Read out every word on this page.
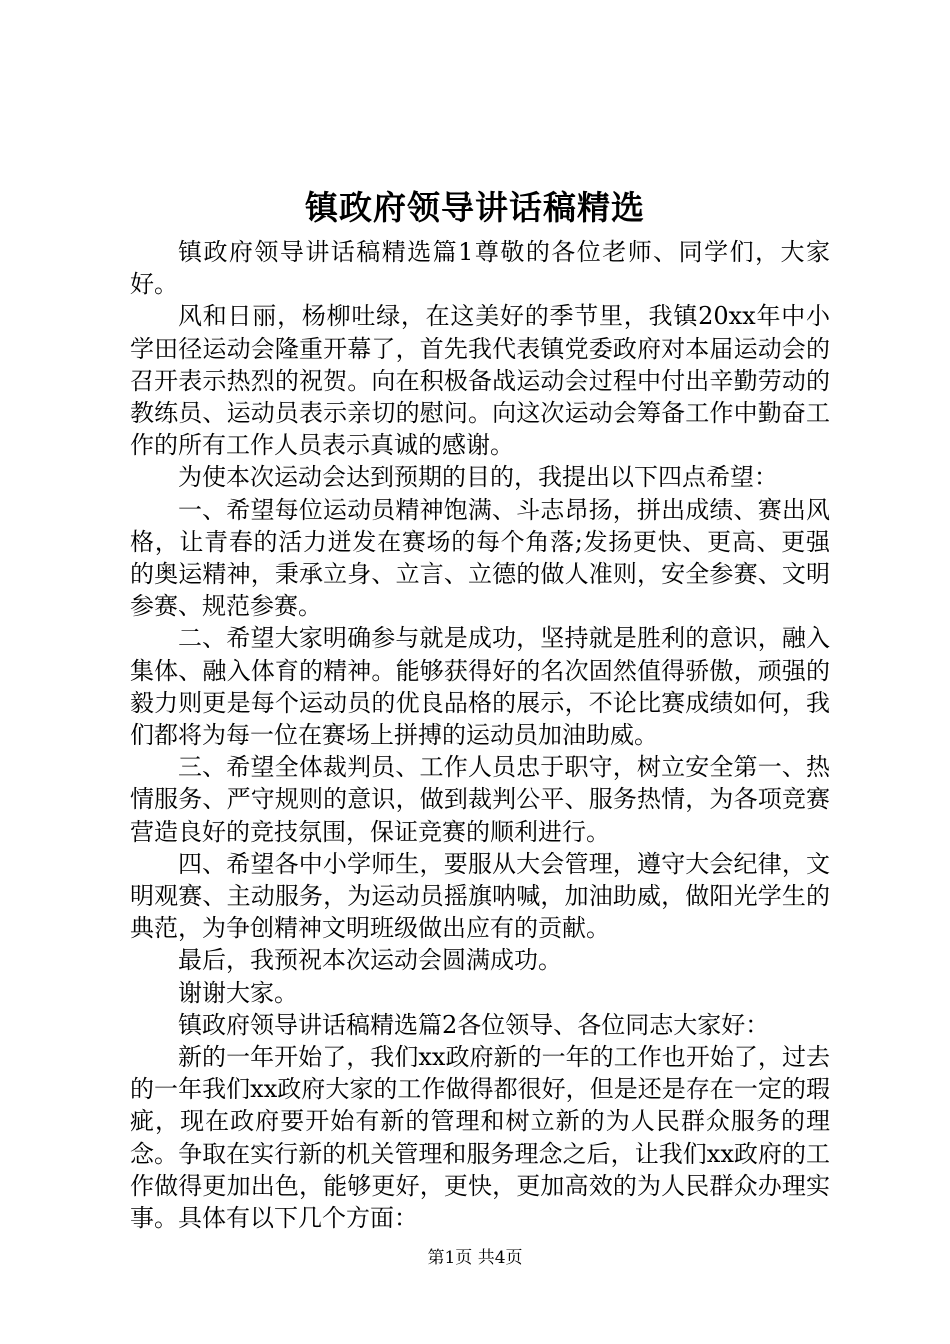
镇政府领导讲话稿精选

镇政府领导讲话稿精选篇1尊敬的各位老师、同学们，大家好。

风和日丽，杨柳吐绿，在这美好的季节里，我镇20xx年中小学田径运动会隆重开幕了，首先我代表镇党委政府对本届运动会的召开表示热烈的祝贺。向在积极备战运动会过程中付出辛勤劳动的教练员、运动员表示亲切的慰问。向这次运动会筹备工作中勤奋工作的所有工作人员表示真诚的感谢。

为使本次运动会达到预期的目的，我提出以下四点希望：

一、希望每位运动员精神饱满、斗志昂扬，拼出成绩、赛出风格，让青春的活力迸发在赛场的每个角落;发扬更快、更高、更强的奥运精神，秉承立身、立言、立德的做人准则，安全参赛、文明参赛、规范参赛。

二、希望大家明确参与就是成功，坚持就是胜利的意识，融入集体、融入体育的精神。能够获得好的名次固然值得骄傲，顽强的毅力则更是每个运动员的优良品格的展示，不论比赛成绩如何，我们都将为每一位在赛场上拼搏的运动员加油助威。

三、希望全体裁判员、工作人员忠于职守，树立安全第一、热情服务、严守规则的意识，做到裁判公平、服务热情，为各项竞赛营造良好的竞技氛围，保证竞赛的顺利进行。

四、希望各中小学师生，要服从大会管理，遵守大会纪律，文明观赛、主动服务，为运动员摇旗呐喊，加油助威，做阳光学生的典范，为争创精神文明班级做出应有的贡献。

最后，我预祝本次运动会圆满成功。

谢谢大家。

镇政府领导讲话稿精选篇2各位领导、各位同志大家好：

新的一年开始了，我们xx政府新的一年的工作也开始了，过去的一年我们xx政府大家的工作做得都很好，但是还是存在一定的瑕疵，现在政府要开始有新的管理和树立新的为人民群众服务的理念。争取在实行新的机关管理和服务理念之后，让我们xx政府的工作做得更加出色，能够更好，更快，更加高效的为人民群众办理实事。具体有以下几个方面：

第1页 共4页
